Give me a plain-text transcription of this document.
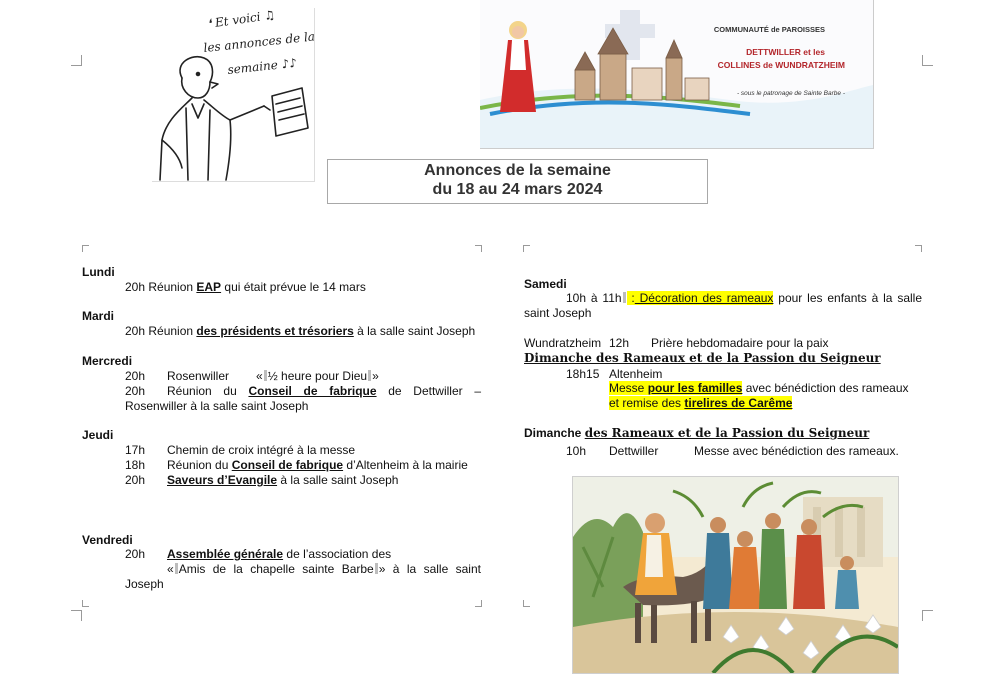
❛ Et voici ♫
les annonces de la
semaine ♪♪
COMMUNAUTÉ de PAROISSES
DETTWILLER et les
COLLINES de WUNDRATZHEIM
- sous le patronage de Sainte Barbe -
Annonces de la semaine
du 18 au 24 mars 2024
Lundi
20h Réunion EAP qui était prévue le 14 mars
Mardi
20h Réunion des présidents et trésoriers à la salle saint Joseph
Mercredi
20h Rosenwiller « ½ heure pour Dieu »
20h Réunion du Conseil de fabrique de Dettwiller –
Rosenwiller à la salle saint Joseph
Jeudi
17h Chemin de croix intégré à la messe
18h Réunion du Conseil de fabrique d’Altenheim à la mairie
20h Saveurs d’Evangile à la salle saint Joseph
Vendredi
20h Assemblée générale de l’association des
« Amis de la chapelle sainte Barbe » à la salle saint
Joseph
Samedi
10h à 11h : Décoration des rameaux pour les enfants à la salle
saint Joseph
Wundratzheim 12h Prière hebdomadaire pour la paix
Dimanche des Rameaux et de la Passion du Seigneur
18h15 Altenheim
Messe pour les familles avec bénédiction des rameaux
et remise des tirelires de Carême
Dimanche des Rameaux et de la Passion du Seigneur
10h Dettwiller	Messe avec bénédiction des rameaux.
